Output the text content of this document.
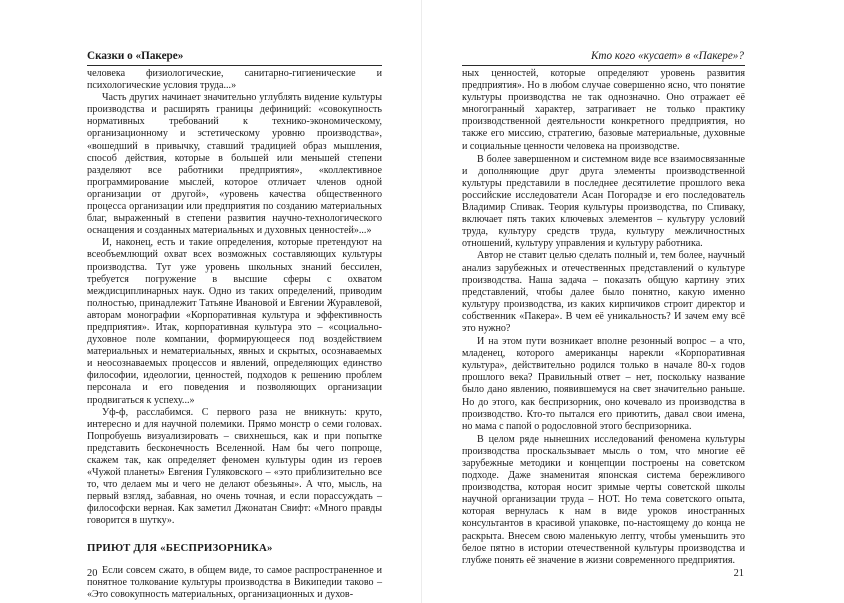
Сказки о «Пакере»

человека физиологические, санитарно-гигиенические и психологические условия труда...»

Часть других начинает значительно углублять видение культуры производства и расширять границы дефиниций: «совокупность нормативных требований к технико-экономическому, организационному и эстетическому уровню производства», «вошедший в привычку, ставший традицией образ мышления, способ действия, которые в большей или меньшей степени разделяют все работники предприятия», «коллективное программирование мыслей, которое отличает членов одной организации от другой», «уровень качества общественного процесса организации или предприятия по созданию материальных благ, выраженный в степени развития научно-технологического оснащения и созданных материальных и духовных ценностей»...»

И, наконец, есть и такие определения, которые претендуют на всеобъемлющий охват всех возможных составляющих культуры производства. Тут уже уровень школьных знаний бессилен, требуется погружение в высшие сферы с охватом междисциплинарных наук. Одно из таких определений, приводим полностью, принадлежит Татьяне Ивановой и Евгении Журавлевой, авторам монографии «Корпоративная культура и эффективность предприятия». Итак, корпоративная культура это – «социально-духовное поле компании, формирующееся под воздействием материальных и нематериальных, явных и скрытых, осознаваемых и неосознаваемых процессов и явлений, определяющих единство философии, идеологии, ценностей, подходов к решению проблем персонала и его поведения и позволяющих организации продвигаться к успеху...»

Уф-ф, расслабимся. С первого раза не вникнуть: круто, интересно и для научной полемики. Прямо монстр о семи головах. Попробуешь визуализировать – свихнешься, как и при попытке представить бесконечность Вселенной. Нам бы чего попроще, скажем так, как определяет феномен культуры один из героев «Чужой планеты» Евгения Гуляковского – «это приблизительно все то, что делаем мы и чего не делают обезьяны». А что, мысль, на первый взгляд, забавная, но очень точная, и если порассуждать – философски верная. Как заметил Джонатан Свифт: «Много правды говорится в шутку».

ПРИЮТ ДЛЯ «БЕСПРИЗОРНИКА»

Если совсем сжато, в общем виде, то самое распространенное и понятное толкование культуры производства в Википедии таково – «Это совокупность материальных, организационных и духов-

20
Кто кого «кусает» в «Пакере»?

ных ценностей, которые определяют уровень развития предприятия». Но в любом случае совершенно ясно, что понятие культуры производства не так однозначно. Оно отражает её многогранный характер, затрагивает не только практику производственной деятельности конкретного предприятия, но также его миссию, стратегию, базовые материальные, духовные и социальные ценности человека на производстве.

В более завершенном и системном виде все взаимосвязанные и дополняющие друг друга элементы производственной культуры представили в последнее десятилетие прошлого века российские исследователи Асан Погорадзе и его последователь Владимир Спивак. Теория культуры производства, по Спиваку, включает пять таких ключевых элементов – культуру условий труда, культуру средств труда, культуру межличностных отношений, культуру управления и культуру работника.

Автор не ставит целью сделать полный и, тем более, научный анализ зарубежных и отечественных представлений о культуре производства. Наша задача – показать общую картину этих представлений, чтобы далее было понятно, какую именно культуру производства, из каких кирпичиков строит директор и собственник «Пакера». В чем её уникальность? И зачем ему всё это нужно?

И на этом пути возникает вполне резонный вопрос – а что, младенец, которого американцы нарекли «Корпоративная культура», действительно родился только в начале 80-х годов прошлого века? Правильный ответ – нет, поскольку название было дано явлению, появившемуся на свет значительно раньше. Но до этого, как беспризорник, оно кочевало из производства в производство. Кто-то пытался его приютить, давал свои имена, но мама с папой о родословной этого беспризорника.

В целом ряде нынешних исследований феномена культуры производства проскальзывает мысль о том, что многие её зарубежные методики и концепции построены на советском подходе. Даже знаменитая японская система бережливого производства, которая носит зримые черты советской школы научной организации труда – НОТ. Но тема советского опыта, которая вернулась к нам в виде уроков иностранных консультантов в красивой упаковке, по-настоящему до конца не раскрыта. Внесем свою маленькую лепту, чтобы уменьшить это белое пятно в истории отечественной культуры производства и глубже понять её значение в жизни современного предприятия.

21
